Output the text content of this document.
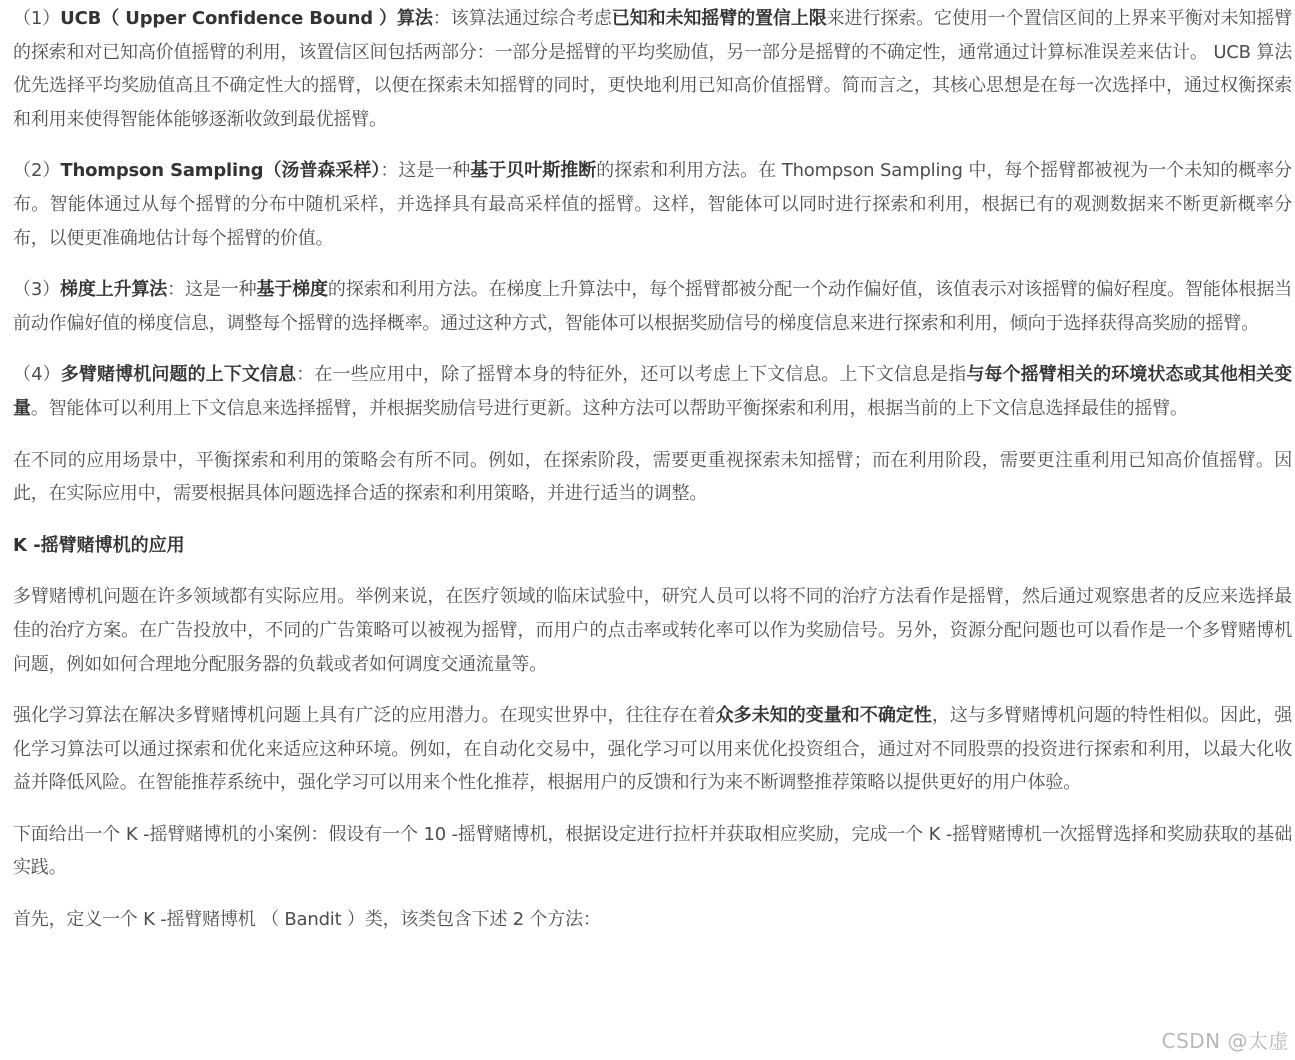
（1）UCB（ Upper Confidence Bound ）算法：该算法通过综合考虑已知和未知摇臂的置信上限来进行探索。它使用一个置信区间的上界来平衡对未知摇臂的探索和对已知高价值摇臂的利用，该置信区间包括两部分：一部分是摇臂的平均奖励值，另一部分是摇臂的不确定性，通常通过计算标准误差来估计。 UCB 算法优先选择平均奖励值高且不确定性大的摇臂，以便在探索未知摇臂的同时，更快地利用已知高价值摇臂。简而言之，其核心思想是在每一次选择中，通过权衡探索和利用来使得智能体能够逐渐收敛到最优摇臂。

（2）Thompson Sampling（汤普森采样）：这是一种基于贝叶斯推断的探索和利用方法。在 Thompson Sampling 中，每个摇臂都被视为一个未知的概率分布。智能体通过从每个摇臂的分布中随机采样，并选择具有最高采样值的摇臂。这样，智能体可以同时进行探索和利用，根据已有的观测数据来不断更新概率分布，以便更准确地估计每个摇臂的价值。

（3）梯度上升算法：这是一种基于梯度的探索和利用方法。在梯度上升算法中，每个摇臂都被分配一个动作偏好值，该值表示对该摇臂的偏好程度。智能体根据当前动作偏好值的梯度信息，调整每个摇臂的选择概率。通过这种方式，智能体可以根据奖励信号的梯度信息来进行探索和利用，倾向于选择获得高奖励的摇臂。

（4）多臂赌博机问题的上下文信息：在一些应用中，除了摇臂本身的特征外，还可以考虑上下文信息。上下文信息是指与每个摇臂相关的环境状态或其他相关变量。智能体可以利用上下文信息来选择摇臂，并根据奖励信号进行更新。这种方法可以帮助平衡探索和利用，根据当前的上下文信息选择最佳的摇臂。

在不同的应用场景中，平衡探索和利用的策略会有所不同。例如，在探索阶段，需要更重视探索未知摇臂；而在利用阶段，需要更注重利用已知高价值摇臂。因此，在实际应用中，需要根据具体问题选择合适的探索和利用策略，并进行适当的调整。

K -摇臂赌博机的应用

多臂赌博机问题在许多领域都有实际应用。举例来说，在医疗领域的临床试验中，研究人员可以将不同的治疗方法看作是摇臂，然后通过观察患者的反应来选择最佳的治疗方案。在广告投放中，不同的广告策略可以被视为摇臂，而用户的点击率或转化率可以作为奖励信号。另外，资源分配问题也可以看作是一个多臂赌博机问题，例如如何合理地分配服务器的负载或者如何调度交通流量等。

强化学习算法在解决多臂赌博机问题上具有广泛的应用潜力。在现实世界中，往往存在着众多未知的变量和不确定性，这与多臂赌博机问题的特性相似。因此，强化学习算法可以通过探索和优化来适应这种环境。例如，在自动化交易中，强化学习可以用来优化投资组合，通过对不同股票的投资进行探索和利用，以最大化收益并降低风险。在智能推荐系统中，强化学习可以用来个性化推荐，根据用户的反馈和行为来不断调整推荐策略以提供更好的用户体验。

下面给出一个 K -摇臂赌博机的小案例：假设有一个 10 -摇臂赌博机，根据设定进行拉杆并获取相应奖励，完成一个 K -摇臂赌博机一次摇臂选择和奖励获取的基础实践。

首先，定义一个 K -摇臂赌博机 （ Bandit ）类，该类包含下述 2 个方法：

CSDN @太虚
